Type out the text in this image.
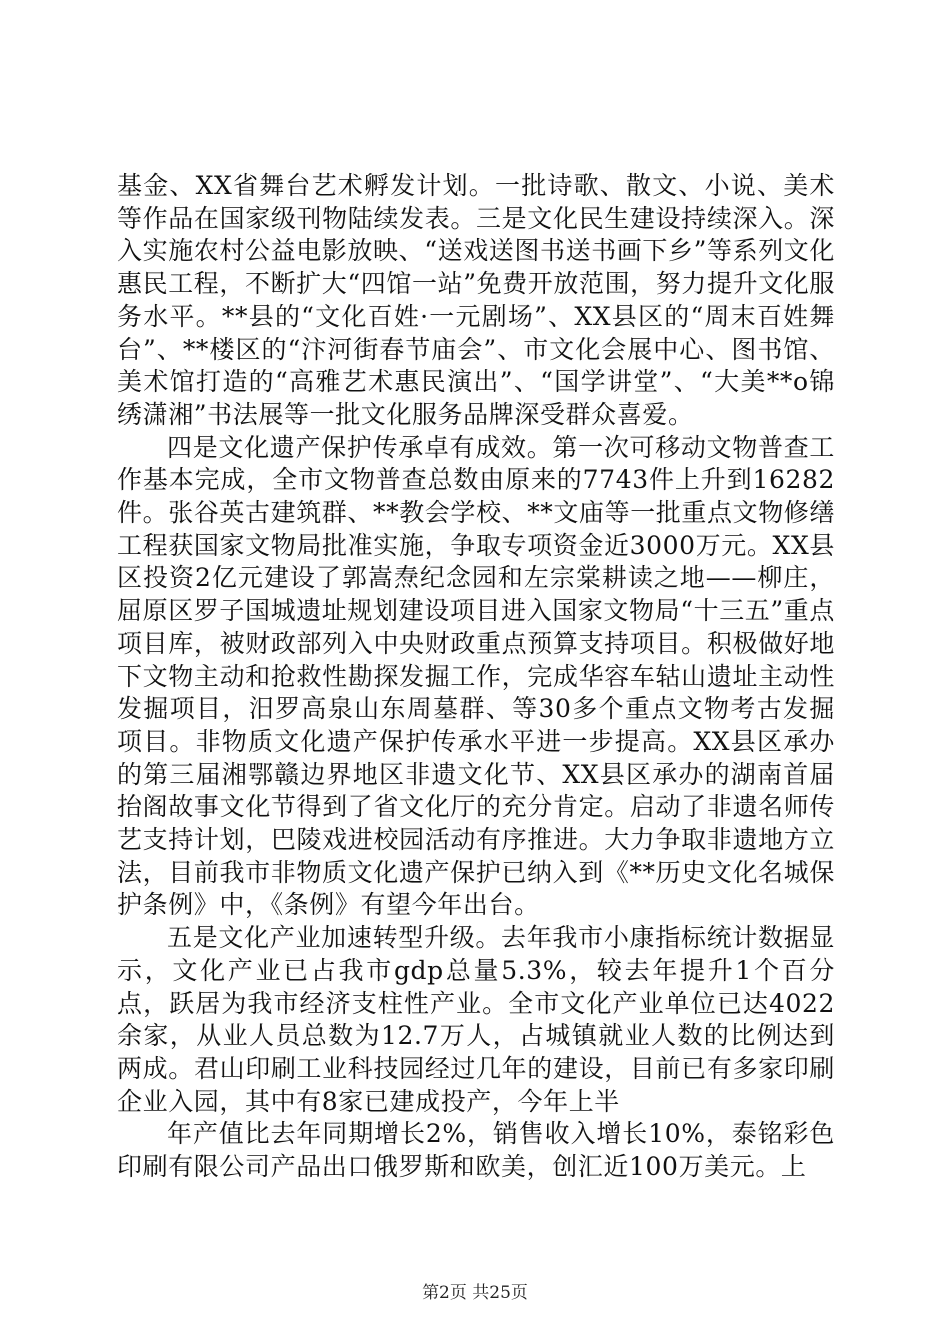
基金、XX省舞台艺术孵发计划。一批诗歌、散文、小说、美术等作品在国家级刊物陆续发表。三是文化民生建设持续深入。深入实施农村公益电影放映、“送戏送图书送书画下乡”等系列文化惠民工程，不断扩大“四馆一站”免费开放范围，努力提升文化服务水平。**县的“文化百姓·一元剧场”、XX县区的“周末百姓舞台”、**楼区的“汴河街春节庙会”、市文化会展中心、图书馆、美术馆打造的“高雅艺术惠民演出”、“国学讲堂”、“大美**o锦绣潇湘”书法展等一批文化服务品牌深受群众喜爱。

四是文化遗产保护传承卓有成效。第一次可移动文物普查工作基本完成，全市文物普查总数由原来的7743件上升到16282件。张谷英古建筑群、**教会学校、**文庙等一批重点文物修缮工程获国家文物局批准实施，争取专项资金近3000万元。XX县区投资2亿元建设了郭嵩焘纪念园和左宗棠耕读之地——柳庄，屈原区罗子国城遗址规划建设项目进入国家文物局“十三五”重点项目库，被财政部列入中央财政重点预算支持项目。积极做好地下文物主动和抢救性勘探发掘工作，完成华容车轱山遗址主动性发掘项目，汨罗高泉山东周墓群、等30多个重点文物考古发掘项目。非物质文化遗产保护传承水平进一步提高。XX县区承办的第三届湘鄂赣边界地区非遗文化节、XX县区承办的湖南首届抬阁故事文化节得到了省文化厅的充分肯定。启动了非遗名师传艺支持计划，巴陵戏进校园活动有序推进。大力争取非遗地方立法，目前我市非物质文化遗产保护已纳入到《**历史文化名城保护条例》中，《条例》有望今年出台。

五是文化产业加速转型升级。去年我市小康指标统计数据显示，文化产业已占我市gdp总量5.3%，较去年提升1个百分点，跃居为我市经济支柱性产业。全市文化产业单位已达4022余家，从业人员总数为12.7万人，占城镇就业人数的比例达到两成。君山印刷工业科技园经过几年的建设，目前已有多家印刷企业入园，其中有8家已建成投产，今年上半

年产值比去年同期增长2%，销售收入增长10%，泰铭彩色印刷有限公司产品出口俄罗斯和欧美，创汇近100万美元。上

第2页 共25页
